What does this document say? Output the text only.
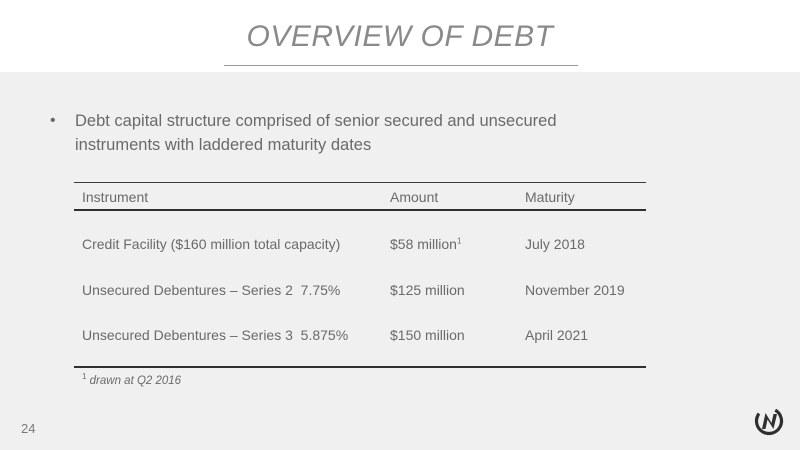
OVERVIEW OF DEBT
• Debt capital structure comprised of senior secured and unsecured
instruments with laddered maturity dates
Instrument	Amount	Maturity
Credit Facility ($160 million total capacity)	$58 million$^1$	July 2018
Unsecured Debentures – Series 2  7.75%	$125 million	November 2019
Unsecured Debentures – Series 3  5.875%	$150 million	April 2021
$^1$ drawn at Q2 2016
24
